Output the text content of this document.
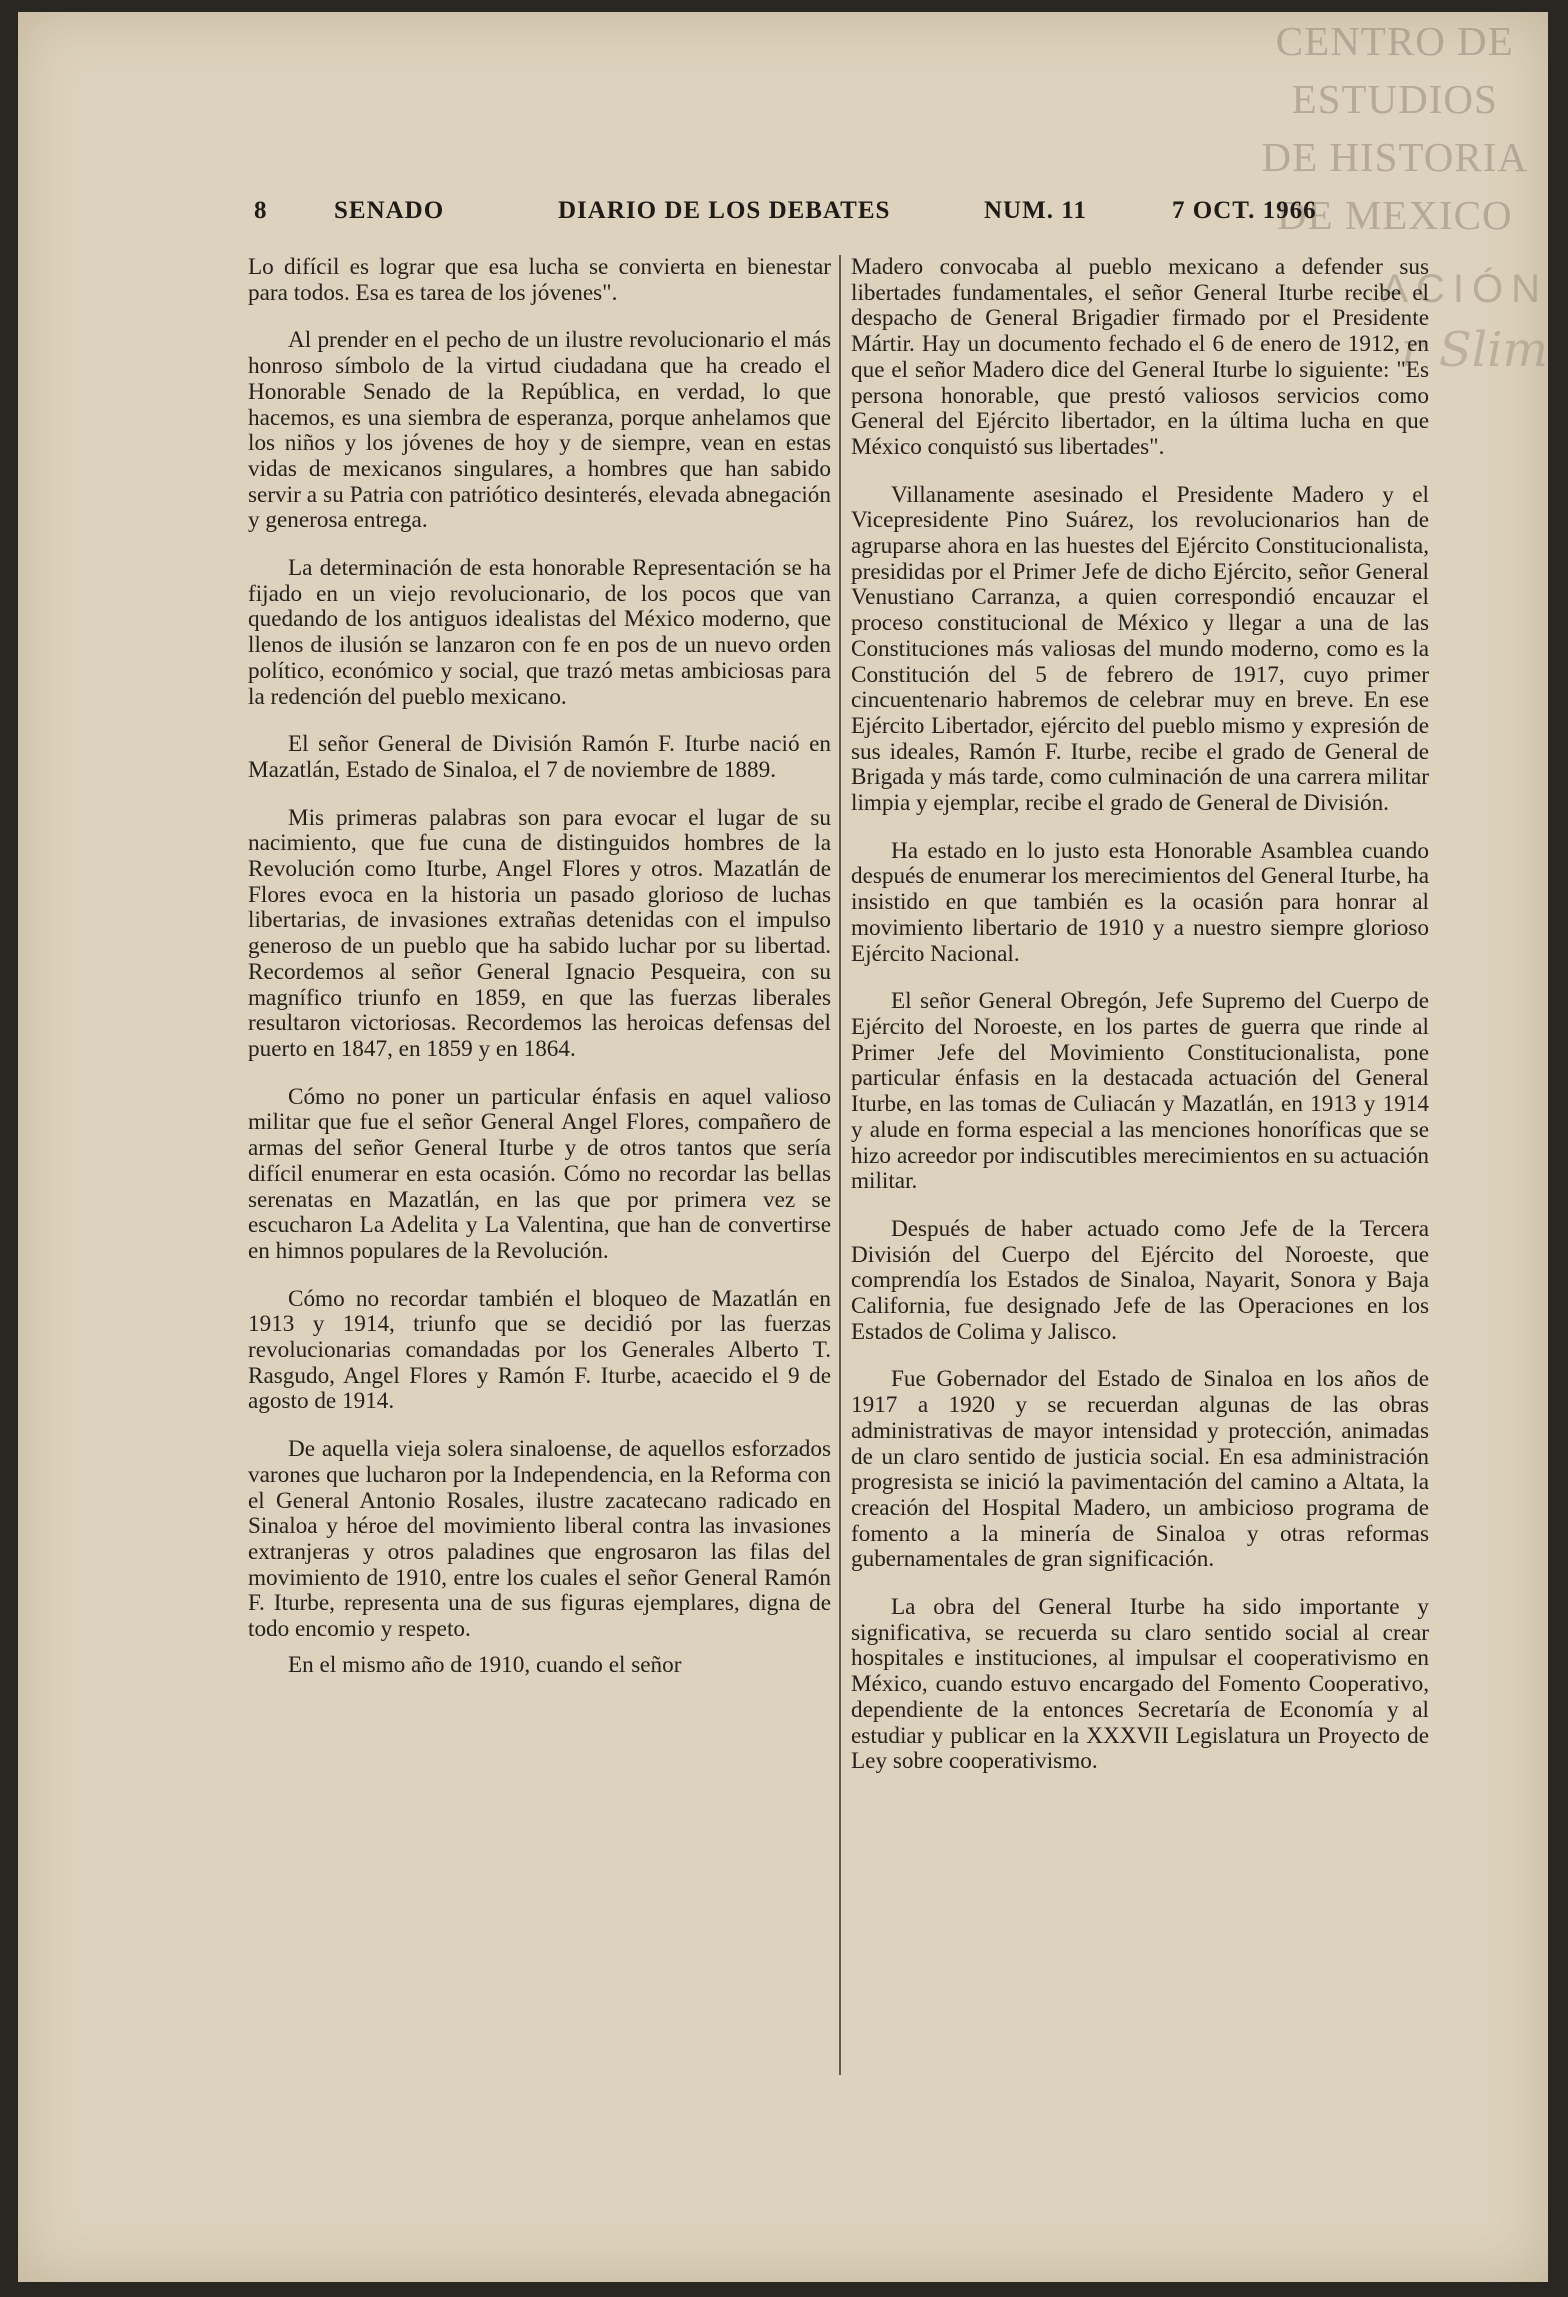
CENTRO DE
ESTUDIOS
DE HISTORIA
DE MEXICO
ACIÓN
r Slim
8	SENADO	DIARIO DE LOS DEBATES	NUM. 11	7 OCT. 1966

Lo difícil es lograr que esa lucha se convierta en bienestar para todos. Esa es tarea de los jóvenes".

Al prender en el pecho de un ilustre revolucionario el más honroso símbolo de la virtud ciudadana que ha creado el Honorable Senado de la República, en verdad, lo que hacemos, es una siembra de esperanza, porque anhelamos que los niños y los jóvenes de hoy y de siempre, vean en estas vidas de mexicanos singulares, a hombres que han sabido servir a su Patria con patriótico desinterés, elevada abnegación y generosa entrega.

La determinación de esta honorable Representación se ha fijado en un viejo revolucionario, de los pocos que van quedando de los antiguos idealistas del México moderno, que llenos de ilusión se lanzaron con fe en pos de un nuevo orden político, económico y social, que trazó metas ambiciosas para la redención del pueblo mexicano.

El señor General de División Ramón F. Iturbe nació en Mazatlán, Estado de Sinaloa, el 7 de noviembre de 1889.

Mis primeras palabras son para evocar el lugar de su nacimiento, que fue cuna de distinguidos hombres de la Revolución como Iturbe, Angel Flores y otros. Mazatlán de Flores evoca en la historia un pasado glorioso de luchas libertarias, de invasiones extrañas detenidas con el impulso generoso de un pueblo que ha sabido luchar por su libertad. Recordemos al señor General Ignacio Pesqueira, con su magnífico triunfo en 1859, en que las fuerzas liberales resultaron victoriosas. Recordemos las heroicas defensas del puerto en 1847, en 1859 y en 1864.

Cómo no poner un particular énfasis en aquel valioso militar que fue el señor General Angel Flores, compañero de armas del señor General Iturbe y de otros tantos que sería difícil enumerar en esta ocasión. Cómo no recordar las bellas serenatas en Mazatlán, en las que por primera vez se escucharon La Adelita y La Valentina, que han de convertirse en himnos populares de la Revolución.

Cómo no recordar también el bloqueo de Mazatlán en 1913 y 1914, triunfo que se decidió por las fuerzas revolucionarias comandadas por los Generales Alberto T. Rasgudo, Angel Flores y Ramón F. Iturbe, acaecido el 9 de agosto de 1914.

De aquella vieja solera sinaloense, de aquellos esforzados varones que lucharon por la Independencia, en la Reforma con el General Antonio Rosales, ilustre zacatecano radicado en Sinaloa y héroe del movimiento liberal contra las invasiones extranjeras y otros paladines que engrosaron las filas del movimiento de 1910, entre los cuales el señor General Ramón F. Iturbe, representa una de sus figuras ejemplares, digna de todo encomio y respeto.

En el mismo año de 1910, cuando el señor

Madero convocaba al pueblo mexicano a defender sus libertades fundamentales, el señor General Iturbe recibe el despacho de General Brigadier firmado por el Presidente Mártir. Hay un documento fechado el 6 de enero de 1912, en que el señor Madero dice del General Iturbe lo siguiente: "Es persona honorable, que prestó valiosos servicios como General del Ejército libertador, en la última lucha en que México conquistó sus libertades".

Villanamente asesinado el Presidente Madero y el Vicepresidente Pino Suárez, los revolucionarios han de agruparse ahora en las huestes del Ejército Constitucionalista, presididas por el Primer Jefe de dicho Ejército, señor General Venustiano Carranza, a quien correspondió encauzar el proceso constitucional de México y llegar a una de las Constituciones más valiosas del mundo moderno, como es la Constitución del 5 de febrero de 1917, cuyo primer cincuentenario habremos de celebrar muy en breve. En ese Ejército Libertador, ejército del pueblo mismo y expresión de sus ideales, Ramón F. Iturbe, recibe el grado de General de Brigada y más tarde, como culminación de una carrera militar limpia y ejemplar, recibe el grado de General de División.

Ha estado en lo justo esta Honorable Asamblea cuando después de enumerar los merecimientos del General Iturbe, ha insistido en que también es la ocasión para honrar al movimiento libertario de 1910 y a nuestro siempre glorioso Ejército Nacional.

El señor General Obregón, Jefe Supremo del Cuerpo de Ejército del Noroeste, en los partes de guerra que rinde al Primer Jefe del Movimiento Constitucionalista, pone particular énfasis en la destacada actuación del General Iturbe, en las tomas de Culiacán y Mazatlán, en 1913 y 1914 y alude en forma especial a las menciones honoríficas que se hizo acreedor por indiscutibles merecimientos en su actuación militar.

Después de haber actuado como Jefe de la Tercera División del Cuerpo del Ejército del Noroeste, que comprendía los Estados de Sinaloa, Nayarit, Sonora y Baja California, fue designado Jefe de las Operaciones en los Estados de Colima y Jalisco.

Fue Gobernador del Estado de Sinaloa en los años de 1917 a 1920 y se recuerdan algunas de las obras administrativas de mayor intensidad y protección, animadas de un claro sentido de justicia social. En esa administración progresista se inició la pavimentación del camino a Altata, la creación del Hospital Madero, un ambicioso programa de fomento a la minería de Sinaloa y otras reformas gubernamentales de gran significación.

La obra del General Iturbe ha sido importante y significativa, se recuerda su claro sentido social al crear hospitales e instituciones, al impulsar el cooperativismo en México, cuando estuvo encargado del Fomento Cooperativo, dependiente de la entonces Secretaría de Economía y al estudiar y publicar en la XXXVII Legislatura un Proyecto de Ley sobre cooperativismo.
